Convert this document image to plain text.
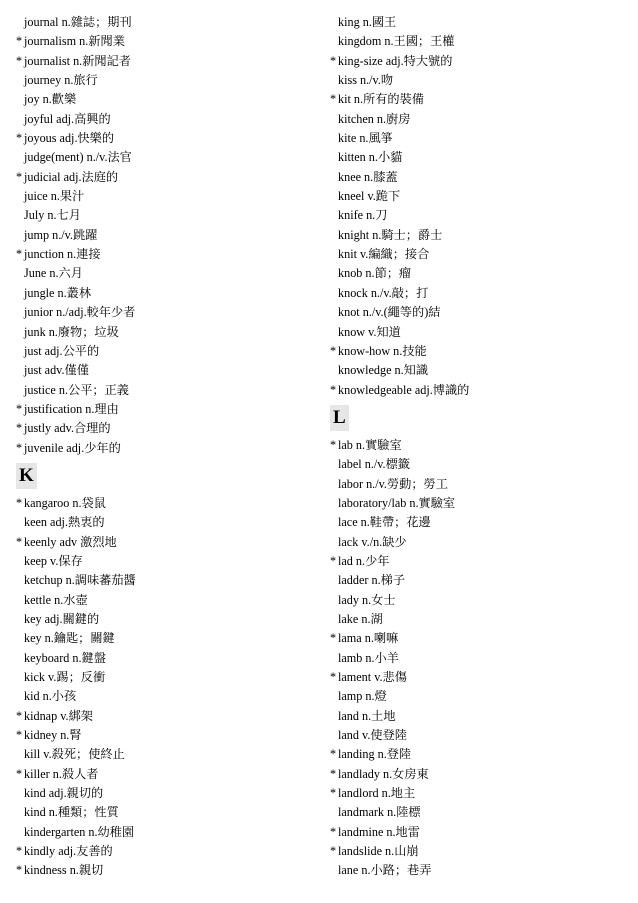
journal n.雜誌；期刊
* journalism n.新聞業
* journalist n.新聞記者
journey n.旅行
joy n.歡樂
joyful adj.高興的
* joyous adj.快樂的
judge(ment) n./v.法官
* judicial adj.法庭的
juice n.果汁
July n.七月
jump n./v.跳躍
* junction n.連接
June n.六月
jungle n.叢林
junior n./adj.較年少者
junk n.廢物；垃圾
just adj.公平的
just adv.僅僅
justice n.公平；正義
* justification n.理由
* justly adv.合理的
* juvenile adj.少年的
K
* kangaroo n.袋鼠
keen adj.熱衷的
* keenly adv 激烈地
keep v.保存
ketchup n.調味蕃茄醬
kettle n.水壺
key adj.關鍵的
key n.鑰匙；關鍵
keyboard n.鍵盤
kick v.踢；反衝
kid n.小孩
* kidnap v.綁架
* kidney n.腎
kill v.殺死；使終止
* killer n.殺人者
kind adj.親切的
kind n.種類；性質
kindergarten n.幼稚園
* kindly adj.友善的
* kindness n.親切
king n.國王
kingdom n.王國；王權
* king-size adj.特大號的
kiss n./v.吻
* kit n.所有的裝備
kitchen n.廚房
kite n.風箏
kitten n.小貓
knee n.膝蓋
kneel v.跪下
knife n.刀
knight n.騎士；爵士
knit v.編織；接合
knob n.節；瘤
knock n./v.敲；打
knot n./v.(繩等的)結
know v.知道
* know-how n.技能
knowledge n.知識
* knowledgeable adj.博識的
L
* lab n.實驗室
label n./v.標籤
labor n./v.勞動；勞工
laboratory/lab n.實驗室
lace n.鞋帶；花邊
lack v./n.缺少
* lad n.少年
ladder n.梯子
lady n.女士
lake n.湖
* lama n.喇嘛
lamb n.小羊
* lament v.悲傷
lamp n.燈
land n.土地
land v.使登陸
* landing n.登陸
* landlady n.女房東
* landlord n.地主
landmark n.陸標
* landmine n.地雷
* landslide n.山崩
lane n.小路；巷弄
